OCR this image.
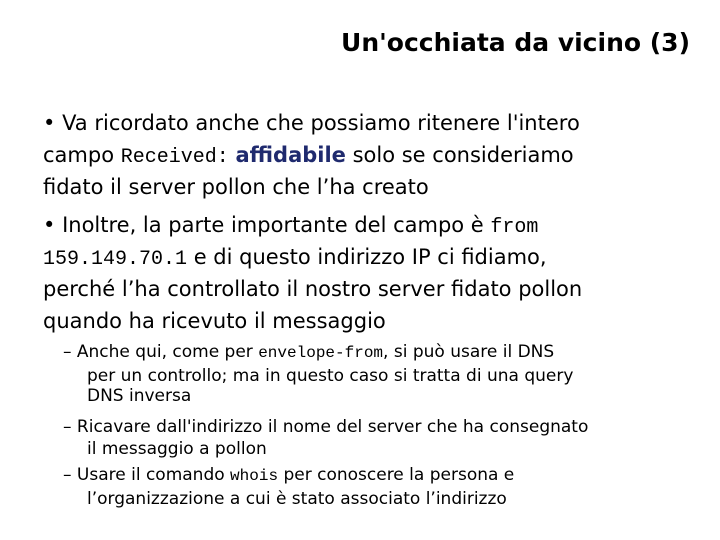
Un'occhiata da vicino (3)
• Va ricordato anche che possiamo ritenere l'intero
campo Received: affidabile solo se consideriamo
fidato il server pollon che l’ha creato
• Inoltre, la parte importante del campo è from
159.149.70.1 e di questo indirizzo IP ci fidiamo,
perché l’ha controllato il nostro server fidato pollon
quando ha ricevuto il messaggio
– Anche qui, come per envelope-from, si può usare il DNS
per un controllo; ma in questo caso si tratta di una query
DNS inversa
– Ricavare dall'indirizzo il nome del server che ha consegnato
il messaggio a pollon
– Usare il comando whois per conoscere la persona e
l’organizzazione a cui è stato associato l’indirizzo
